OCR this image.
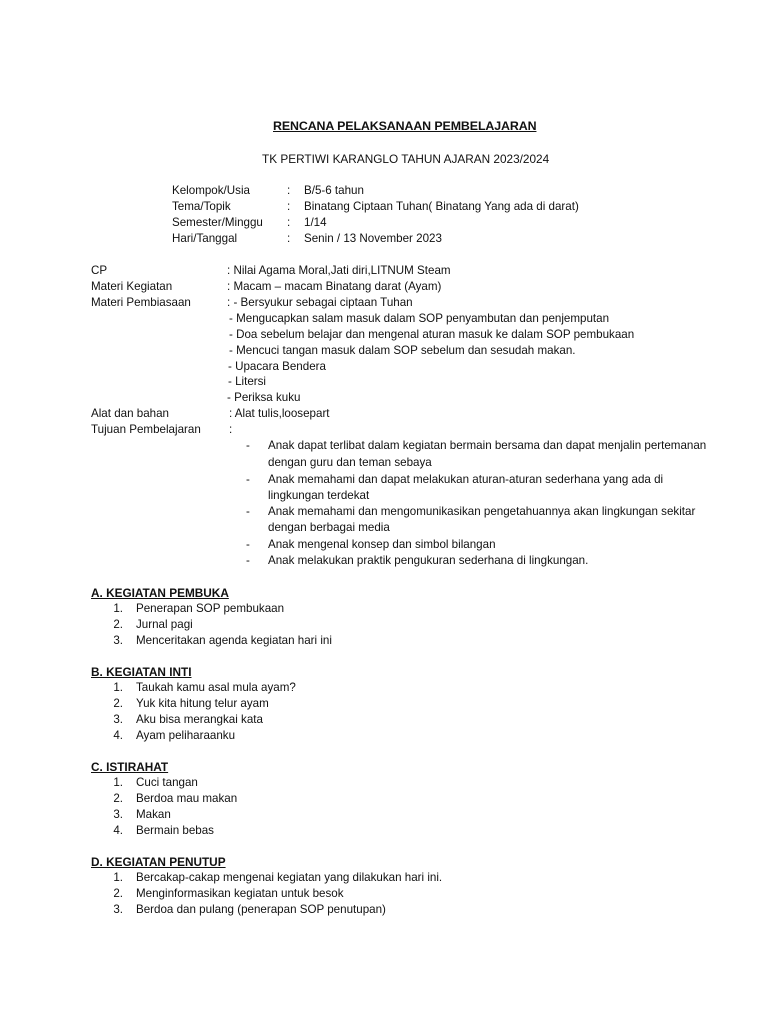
RENCANA PELAKSANAAN PEMBELAJARAN
TK PERTIWI KARANGLO TAHUN AJARAN 2023/2024
Kelompok/Usia	: B/5-6 tahun
Tema/Topik	: Binatang Ciptaan Tuhan( Binatang Yang ada di darat)
Semester/Minggu : 1/14
Hari/Tanggal	: Senin / 13 November 2023
CP	: Nilai Agama Moral,Jati diri,LITNUM Steam
Materi Kegiatan	: Macam – macam Binatang darat (Ayam)
Materi Pembiasaan	: - Bersyukur sebagai ciptaan Tuhan
- Mengucapkan salam masuk dalam SOP penyambutan dan penjemputan
- Doa sebelum belajar dan mengenal aturan masuk ke dalam SOP pembukaan
- Mencuci tangan masuk dalam SOP sebelum dan sesudah makan.
- Upacara Bendera
- Litersi
- Periksa kuku
Alat dan bahan	: Alat tulis,loosepart
Tujuan Pembelajaran :
- Anak dapat terlibat dalam kegiatan bermain bersama dan dapat menjalin pertemanan
dengan guru dan teman sebaya
- Anak memahami dan dapat melakukan aturan-aturan sederhana yang ada di
lingkungan terdekat
- Anak memahami dan mengomunikasikan pengetahuannya akan lingkungan sekitar
dengan berbagai media
- Anak mengenal konsep dan simbol bilangan
- Anak melakukan praktik pengukuran sederhana di lingkungan.
A. KEGIATAN PEMBUKA
1. Penerapan SOP pembukaan
2. Jurnal pagi
3. Menceritakan agenda kegiatan hari ini
B. KEGIATAN INTI
1. Taukah kamu asal mula ayam?
2. Yuk kita hitung telur ayam
3. Aku bisa merangkai kata
4. Ayam peliharaanku
C. ISTIRAHAT
1. Cuci tangan
2. Berdoa mau makan
3. Makan
4. Bermain bebas
D. KEGIATAN PENUTUP
1. Bercakap-cakap mengenai kegiatan yang dilakukan hari ini.
2. Menginformasikan kegiatan untuk besok
3. Berdoa dan pulang (penerapan SOP penutupan)
